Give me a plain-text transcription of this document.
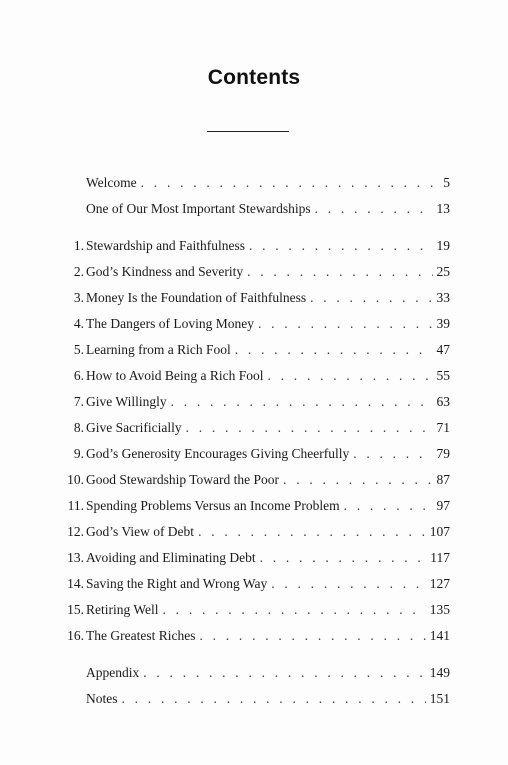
Contents
Welcome . . .	5
One of Our Most Important Stewardships . . .	13
1. Stewardship and Faithfulness . . .	19
2. God’s Kindness and Severity . . .	25
3. Money Is the Foundation of Faithfulness . . .	33
4. The Dangers of Loving Money . . .	39
5. Learning from a Rich Fool . . .	47
6. How to Avoid Being a Rich Fool . . .	55
7. Give Willingly . . .	63
8. Give Sacrificially . . .	71
9. God’s Generosity Encourages Giving Cheerfully . . .	79
10. Good Stewardship Toward the Poor . . .	87
11. Spending Problems Versus an Income Problem . . .	97
12. God’s View of Debt . . .	107
13. Avoiding and Eliminating Debt . . .	117
14. Saving the Right and Wrong Way . . .	127
15. Retiring Well . . .	135
16. The Greatest Riches . . .	141
Appendix . . .	149
Notes . . .	151
